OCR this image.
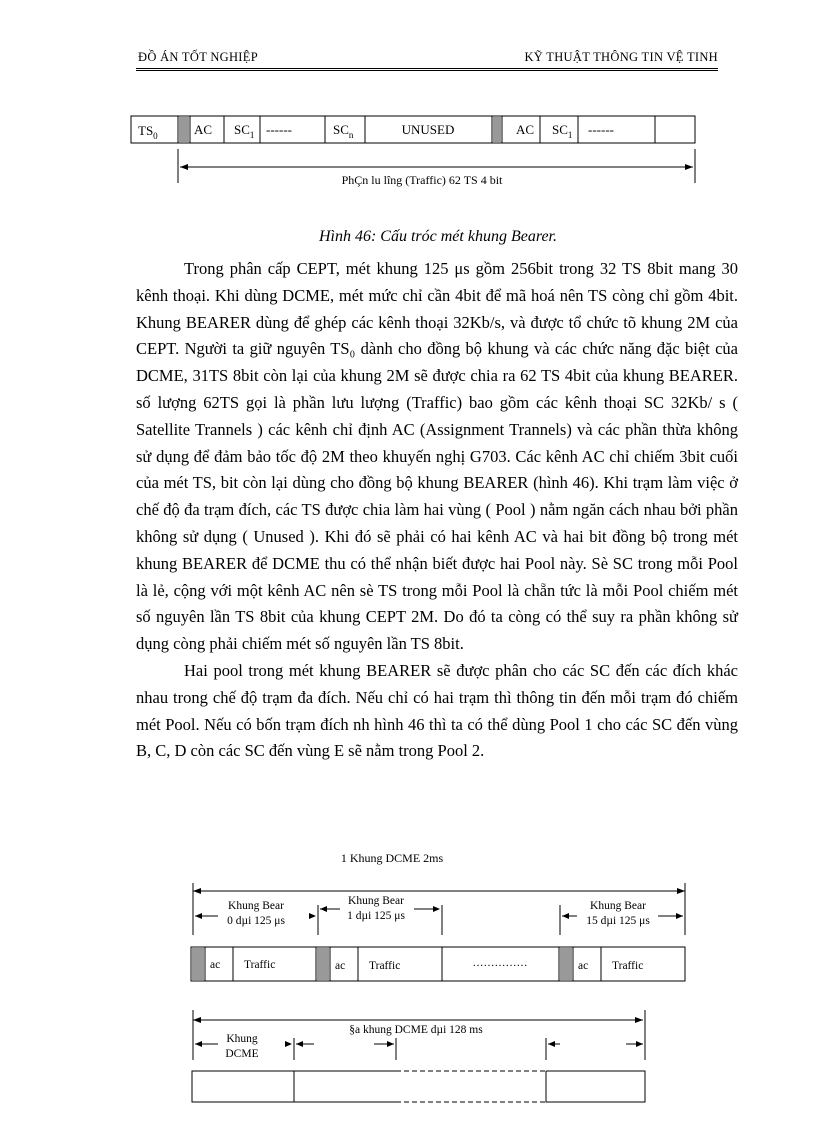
ĐỒ ÁN TỐT NGHIỆP	KỸ THUẬT THÔNG TIN VỆ TINH
$TS_0$	AC $SC_1$ ------	$SC_n$	UNUSED	AC $SC_1$ ------
PhÇn lu lîng (Traffic) 62 TS 4 bit
Hình 46: Cấu tróc mét khung Bearer.

Trong phân cấp CEPT, mét khung 125 μs gồm 256bit trong 32 TS 8bit mang 30 kênh thoại. Khi dùng DCME, mét mức chỉ cần 4bit để mã hoá nên TS còng chỉ gồm 4bit. Khung BEARER dùng để ghép các kênh thoại 32Kb/s, và được tổ chức tõ khung 2M của CEPT. Người ta giữ nguyên TS₀ dành cho đồng bộ khung và các chức năng đặc biệt của DCME, 31TS 8bit còn lại của khung 2M sẽ được chia ra 62 TS 4bit của khung BEARER. số lượng 62TS gọi là phần lưu lượng (Traffic) bao gồm các kênh thoại SC 32Kb/ s ( Satellite Trannels ) các kênh chỉ định AC (Assignment Trannels) và các phần thừa không sử dụng để đảm bảo tốc độ 2M theo khuyến nghị G703. Các kênh AC chỉ chiếm 3bit cuối của mét TS, bit còn lại dùng cho đồng bộ khung BEARER (hình 46). Khi trạm làm việc ở chế độ đa trạm đích, các TS được chia làm hai vùng ( Pool ) nằm ngăn cách nhau bởi phần không sử dụng ( Unused ). Khi đó sẽ phải có hai kênh AC và hai bit đồng bộ trong mét khung BEARER để DCME thu có thể nhận biết được hai Pool này. Sè SC trong mỗi Pool là lẻ, cộng với một kênh AC nên sè TS trong mỗi Pool là chẵn tức là mỗi Pool chiếm mét số nguyên lần TS 8bit của khung CEPT 2M. Do đó ta còng có thể suy ra phần không sử dụng còng phải chiếm mét số nguyên lần TS 8bit.

Hai pool trong mét khung BEARER sẽ được phân cho các SC đến các đích khác nhau trong chế độ trạm đa đích. Nếu chỉ có hai trạm thì thông tin đến mỗi trạm đó chiếm mét Pool. Nếu có bốn trạm đích nh hình 46 thì ta có thể dùng Pool 1 cho các SC đến vùng B, C, D còn các SC đến vùng E sẽ nằm trong Pool 2.

1 Khung DCME 2ms
Khung Bear
0 dµi 125 μs
Khung Bear
1 dµi 125 μs
Khung Bear
15 dµi 125 μs
ac Traffic	ac Traffic	……………	ac Traffic
§a khung DCME dµi 128 ms
Khung
DCME
